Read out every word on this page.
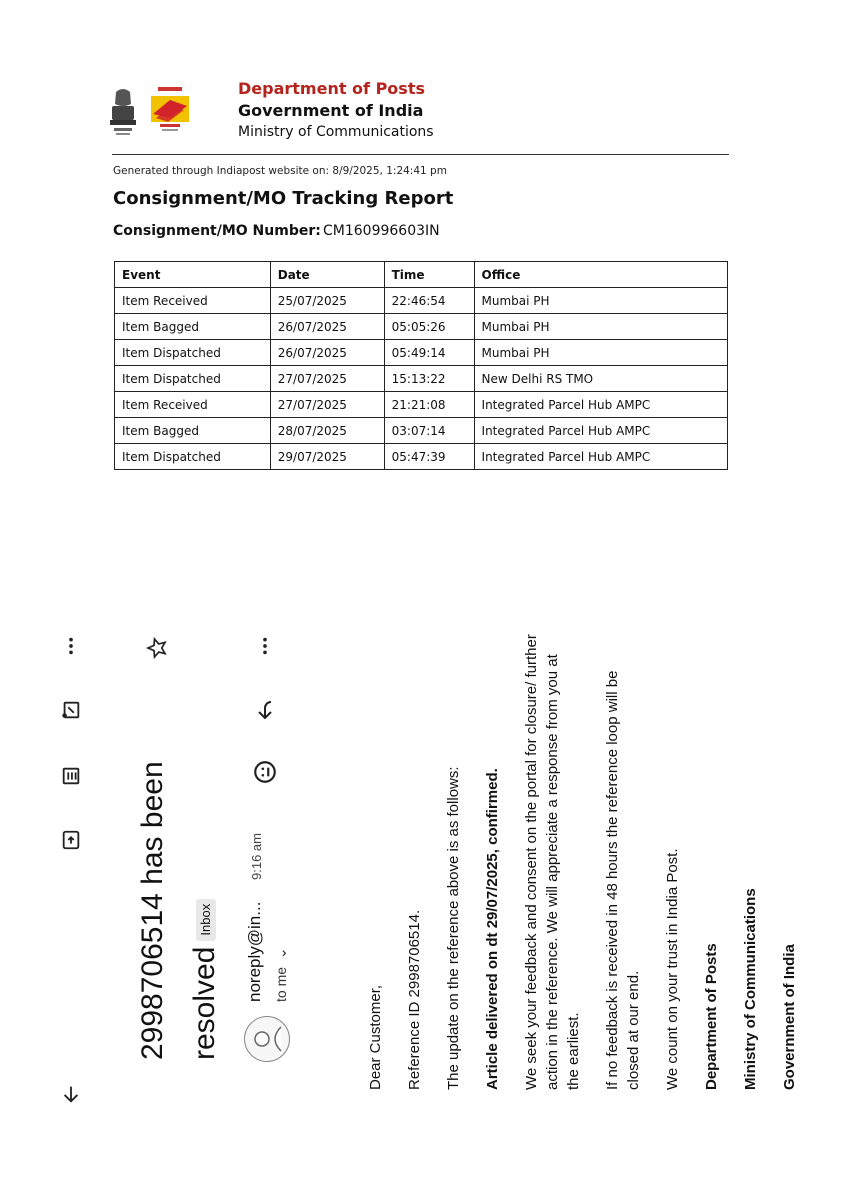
Department of Posts
Government of India
Ministry of Communications
Generated through Indiapost website on: 8/9/2025, 1:24:41 pm
Consignment/MO Tracking Report
Consignment/MO Number: CM160996603IN
Event	Date	Time	Office
Item Received	25/07/2025	22:46:54	Mumbai PH
Item Bagged	26/07/2025	05:05:26	Mumbai PH
Item Dispatched	26/07/2025	05:49:14	Mumbai PH
Item Dispatched	27/07/2025	15:13:22	New Delhi RS TMO
Item Received	27/07/2025	21:21:08	Integrated Parcel Hub AMPC
Item Bagged	28/07/2025	03:07:14	Integrated Parcel Hub AMPC
Item Dispatched	29/07/2025	05:47:39	Integrated Parcel Hub AMPC
2998706514 has been resolvedInbox	noreply@in...
9:16 am
to me ⌄

Dear Customer, Reference ID 2998706514. The update on the reference above is as follows: Article delivered on dt 29/07/2025, confirmed. We seek your feedback and consent on the portal for closure/ further action in the reference. We will appreciate a response from you at the earliest. If no feedback is received in 48 hours the reference loop will be closed at our end. We count on your trust in India Post. Department of Posts Ministry of Communications Government of India
